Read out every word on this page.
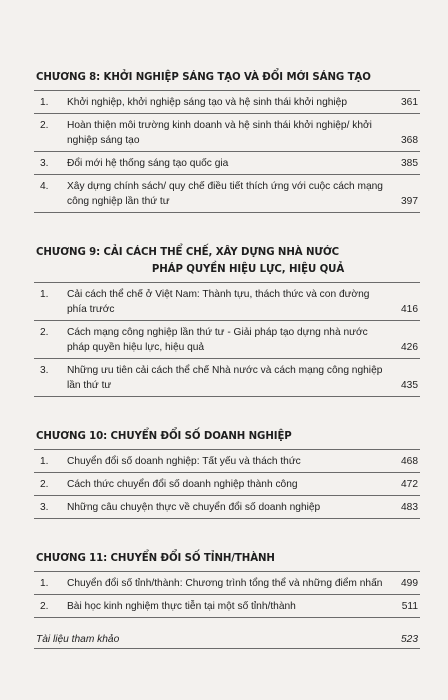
CHƯƠNG 8: KHỞI NGHIỆP SÁNG TẠO VÀ ĐỔI MỚI SÁNG TẠO
1. Khởi nghiệp, khởi nghiệp sáng tạo và hệ sinh thái khởi nghiệp	361
2. Hoàn thiện môi trường kinh doanh và hệ sinh thái khởi nghiệp/ khởi nghiệp sáng tạo	368
3. Đổi mới hệ thống sáng tạo quốc gia	385
4. Xây dựng chính sách/ quy chế điều tiết thích ứng với cuộc cách mạng công nghiệp lần thứ tư	397
CHƯƠNG 9: CẢI CÁCH THỂ CHẾ, XÂY DỰNG NHÀ NƯỚC
PHÁP QUYỀN HIỆU LỰC, HIỆU QUẢ
1. Cải cách thể chế ở Việt Nam: Thành tựu, thách thức và con đường phía trước	416
2. Cách mạng công nghiệp lần thứ tư - Giải pháp tạo dựng nhà nước pháp quyền hiệu lực, hiệu quả	426
3. Những ưu tiên cải cách thể chế Nhà nước và cách mạng công nghiệp lần thứ tư	435
CHƯƠNG 10: CHUYỂN ĐỔI SỐ DOANH NGHIỆP
1. Chuyển đổi số doanh nghiệp: Tất yếu và thách thức	468
2. Cách thức chuyển đổi số doanh nghiệp thành công	472
3. Những câu chuyện thực về chuyển đổi số doanh nghiệp	483
CHƯƠNG 11: CHUYỂN ĐỔI SỐ TỈNH/THÀNH
1. Chuyển đổi số tỉnh/thành: Chương trình tổng thể và những điểm nhấn	499
2. Bài học kinh nghiệm thực tiễn tại một số tỉnh/thành	511
Tài liệu tham khảo	523
